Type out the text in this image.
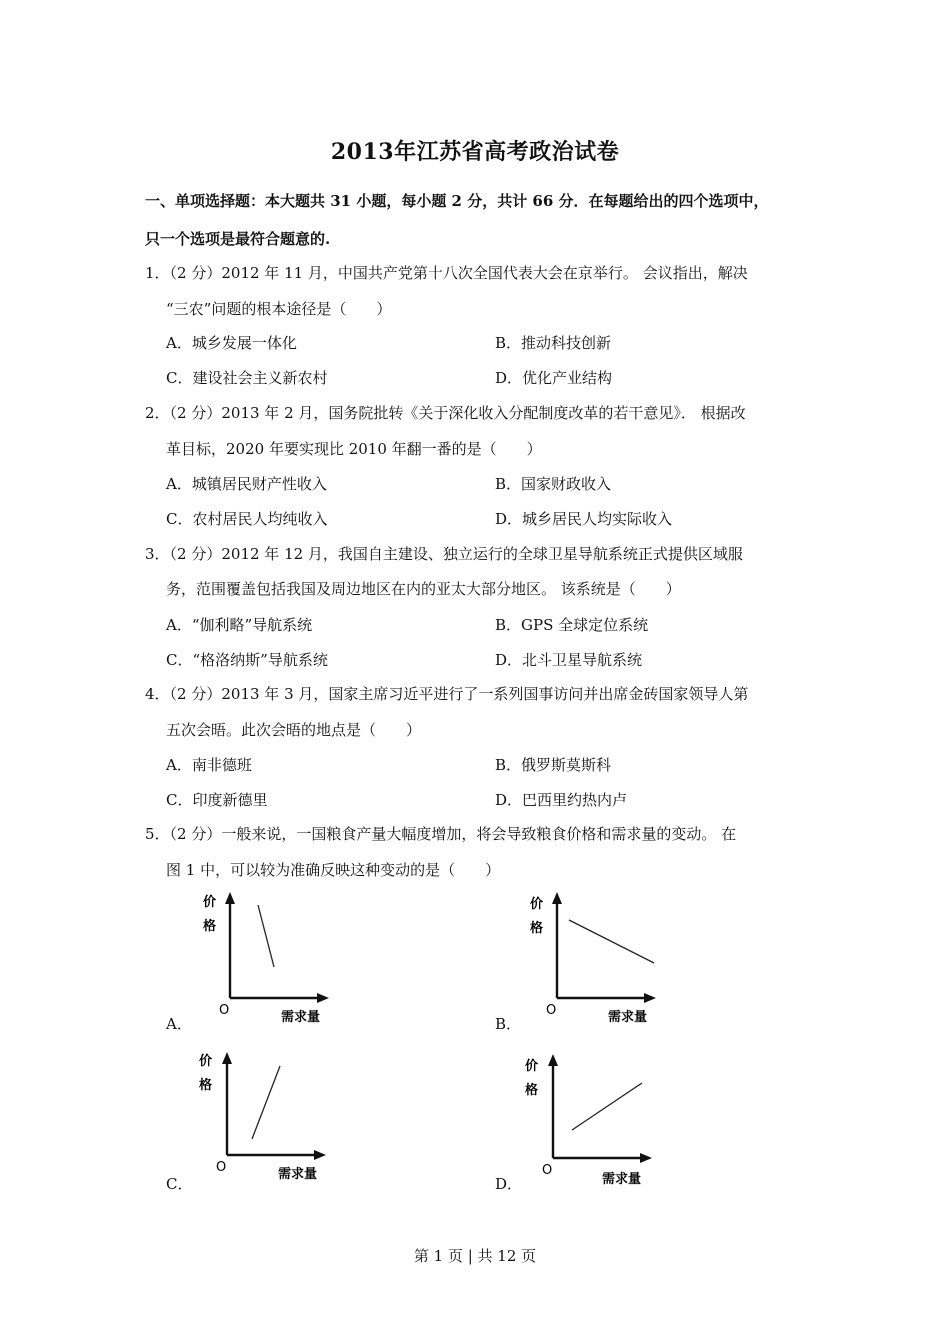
2013年江苏省高考政治试卷
一、单项选择题：本大题共 31 小题，每小题 2 分，共计 66 分．在每题给出的四个选项中，
只一个选项是最符合题意的.
1．（2 分）2012 年 11 月，中国共产党第十八次全国代表大会在京举行。 会议指出，解决
“三农”问题的根本途径是（　　）
A．城乡发展一体化	B．推动科技创新
C．建设社会主义新农村	D．优化产业结构
2．（2 分）2013 年 2 月，国务院批转《关于深化收入分配制度改革的若干意见》． 根据改
革目标，2020 年要实现比 2010 年翻一番的是（　　）
A．城镇居民财产性收入	B．国家财政收入
C．农村居民人均纯收入	D．城乡居民人均实际收入
3．（2 分）2012 年 12 月，我国自主建设、独立运行的全球卫星导航系统正式提供区域服
务，范围覆盖包括我国及周边地区在内的亚太大部分地区。 该系统是（　　）
A．“伽利略”导航系统	B．GPS 全球定位系统
C．“格洛纳斯”导航系统	D．北斗卫星导航系统
4．（2 分）2013 年 3 月，国家主席习近平进行了一系列国事访问并出席金砖国家领导人第
五次会晤。此次会晤的地点是（　　）
A．南非德班	B．俄罗斯莫斯科
C．印度新德里	D．巴西里约热内卢
5．（2 分）一般来说，一国粮食产量大幅度增加，将会导致粮食价格和需求量的变动。 在
图 1 中，可以较为准确反映这种变动的是（　　）
A．
价
格
O	需求量	B．
价
格
O	需求量
C．
价
格
O	需求量
D．
价
格
O
需求量
第 1 页 | 共 12 页
